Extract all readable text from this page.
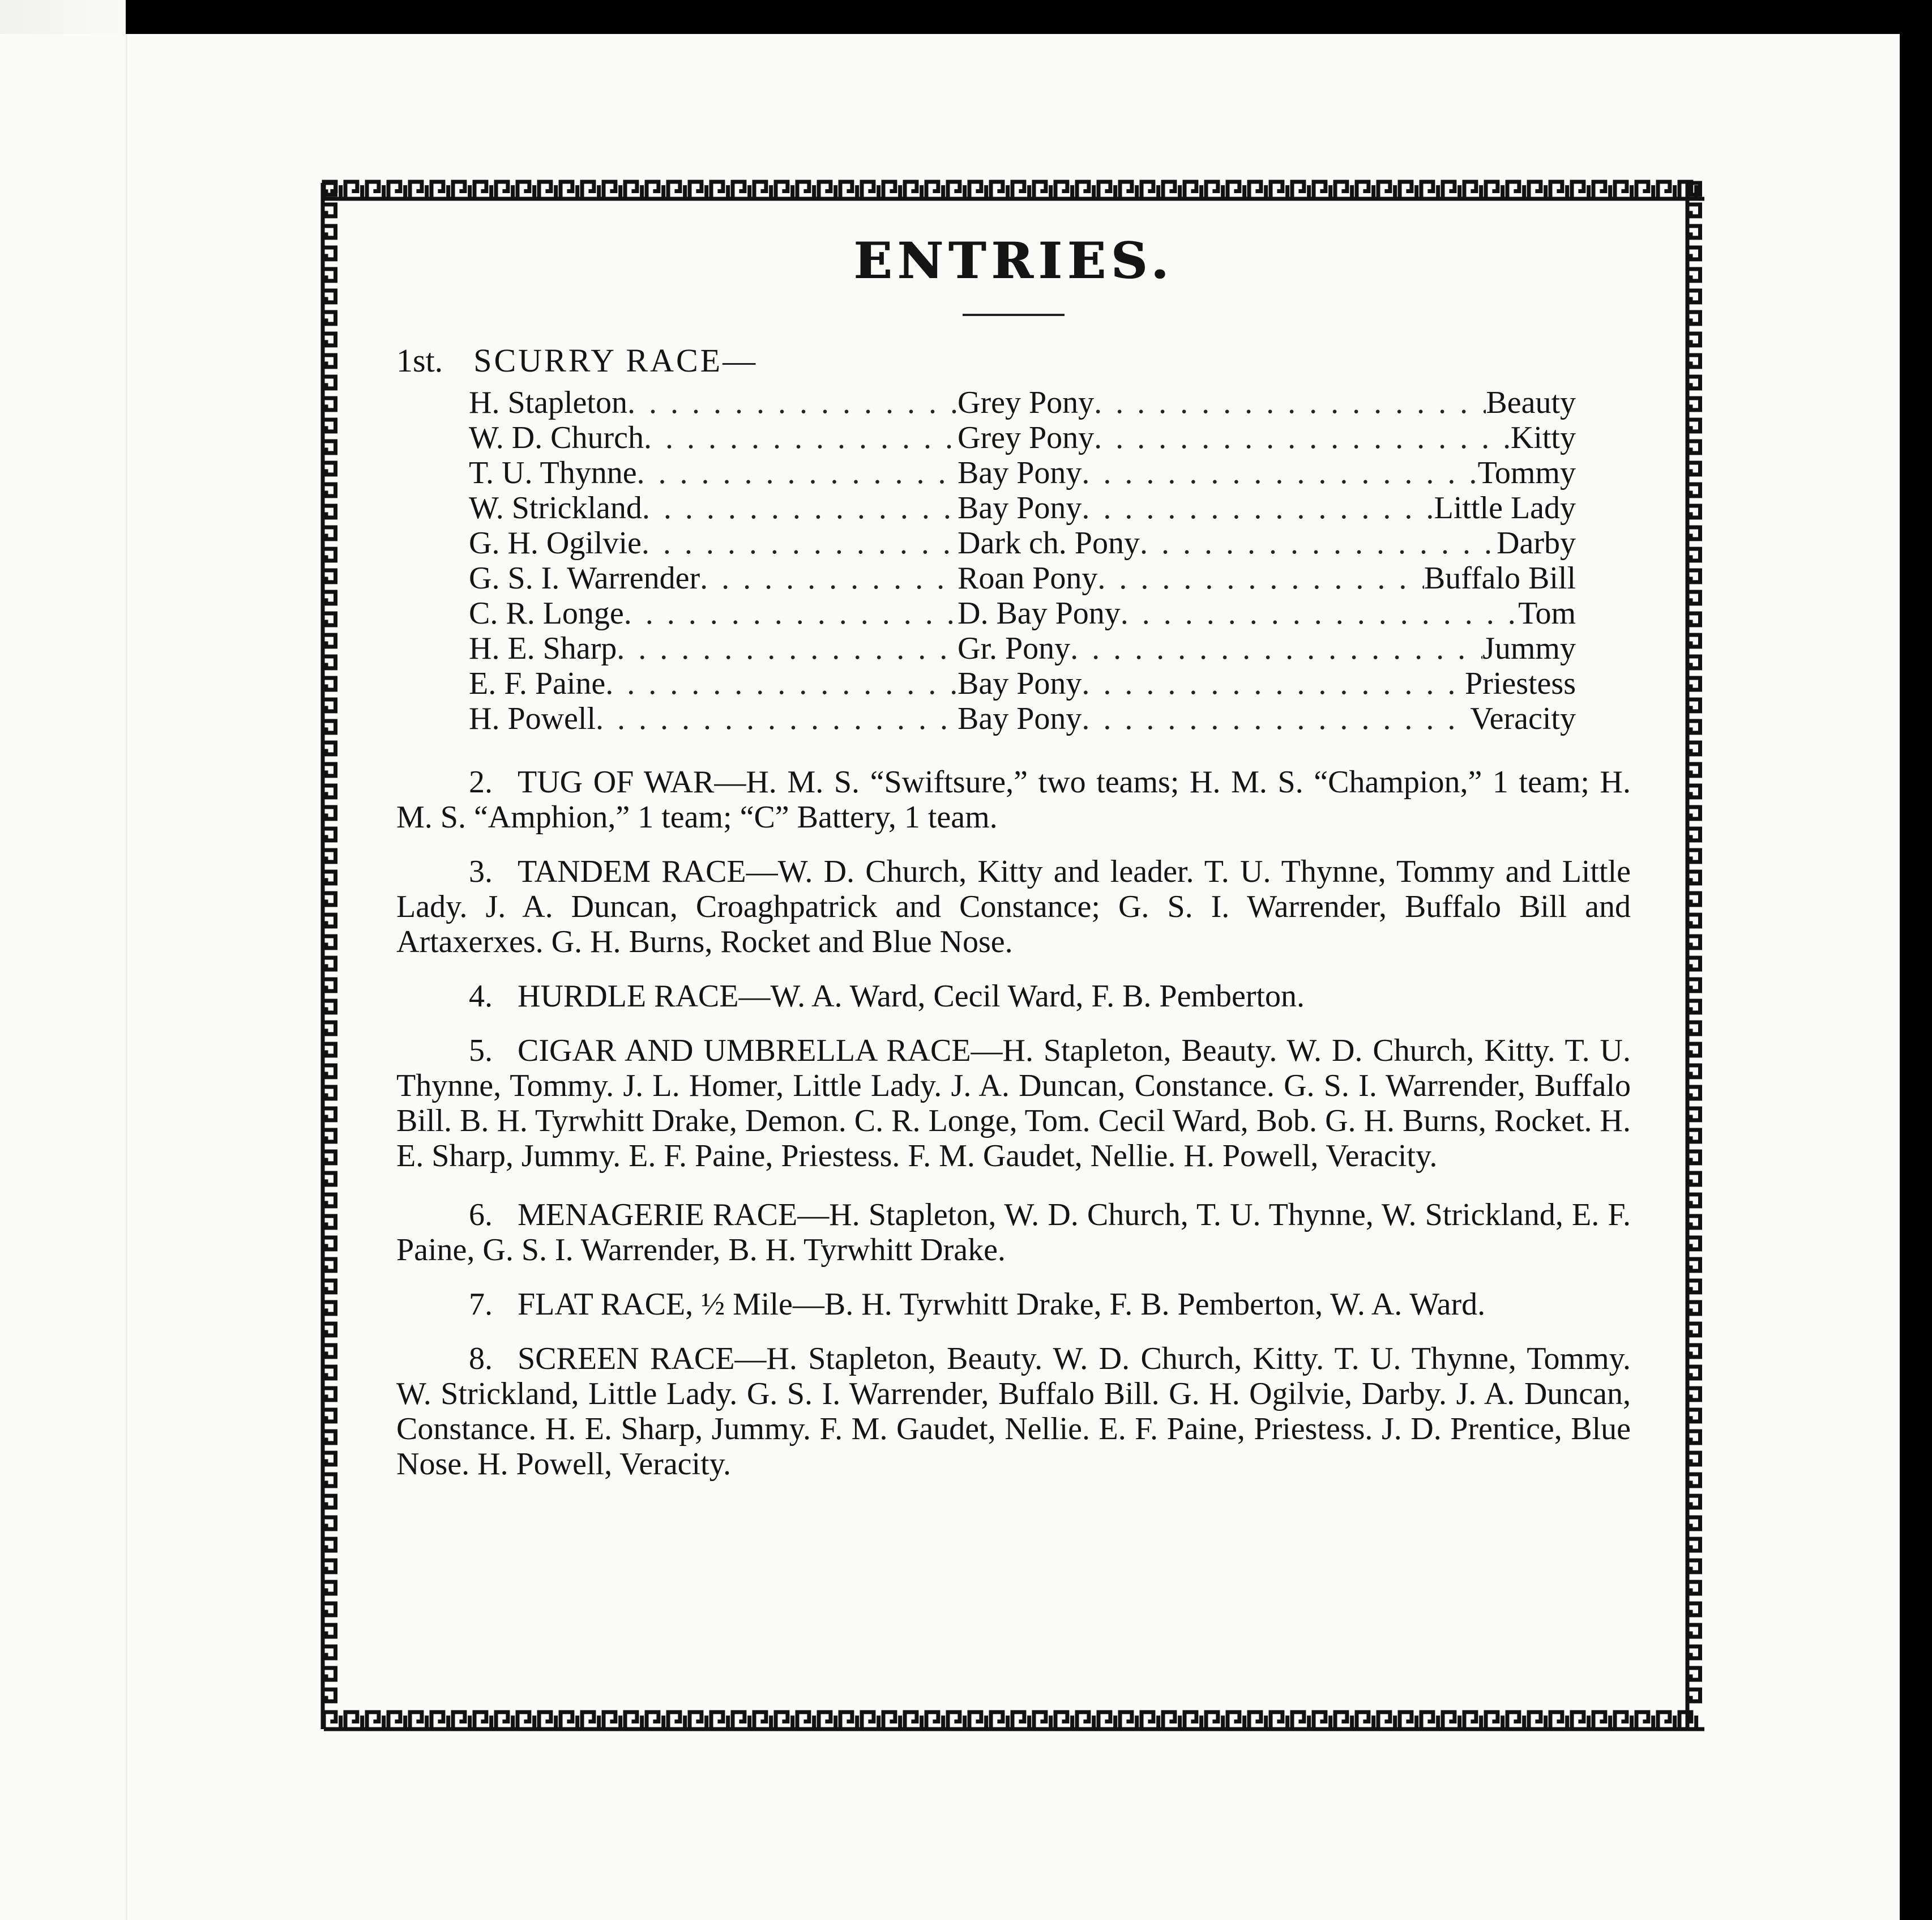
ENTRIES.
1st. SCURRY RACE—
H. Stapleton . . .	Grey Pony . . .	Beauty
W. D. Church . . .	Grey Pony . . .	Kitty
T. U. Thynne . . .	Bay Pony . . .	Tommy
W. Strickland . . .	Bay Pony . . .	Little Lady
G. H. Ogilvie . . .	Dark ch. Pony . . .	Darby
G. S. I. Warrender . . .	Roan Pony . . .	Buffalo Bill
C. R. Longe . . .	D. Bay Pony . . .	Tom
H. E. Sharp . . .	Gr. Pony . . .	Jummy
E. F. Paine . . .	Bay Pony . . .	Priestess
H. Powell . . .	Bay Pony . . .	Veracity

2. TUG OF WAR—H. M. S. “Swiftsure,” two teams; H. M. S. “Champion,” 1 team; H. M. S. “Amphion,” 1 team; “C” Battery, 1 team.

3. TANDEM RACE—W. D. Church, Kitty and leader. T. U. Thynne, Tommy and Little Lady. J. A. Duncan, Croaghpatrick and Constance; G. S. I. Warrender, Buffalo Bill and Artaxerxes. G. H. Burns, Rocket and Blue Nose.

4. HURDLE RACE—W. A. Ward, Cecil Ward, F. B. Pemberton.

5. CIGAR AND UMBRELLA RACE—H. Stapleton, Beauty. W. D. Church, Kitty. T. U. Thynne, Tommy. J. L. Homer, Little Lady. J. A. Duncan, Constance. G. S. I. Warrender, Buffalo Bill. B. H. Tyrwhitt Drake, Demon. C. R. Longe, Tom. Cecil Ward, Bob. G. H. Burns, Rocket. H. E. Sharp, Jummy. E. F. Paine, Priestess. F. M. Gaudet, Nellie. H. Powell, Veracity.

6. MENAGERIE RACE—H. Stapleton, W. D. Church, T. U. Thynne, W. Strickland, E. F. Paine, G. S. I. Warrender, B. H. Tyrwhitt Drake.

7. FLAT RACE, ½ Mile—B. H. Tyrwhitt Drake, F. B. Pemberton, W. A. Ward.

8. SCREEN RACE—H. Stapleton, Beauty. W. D. Church, Kitty. T. U. Thynne, Tommy. W. Strickland, Little Lady. G. S. I. Warrender, Buffalo Bill. G. H. Ogilvie, Darby. J. A. Duncan, Constance. H. E. Sharp, Jummy. F. M. Gaudet, Nellie. E. F. Paine, Priestess. J. D. Prentice, Blue Nose. H. Powell, Veracity.
